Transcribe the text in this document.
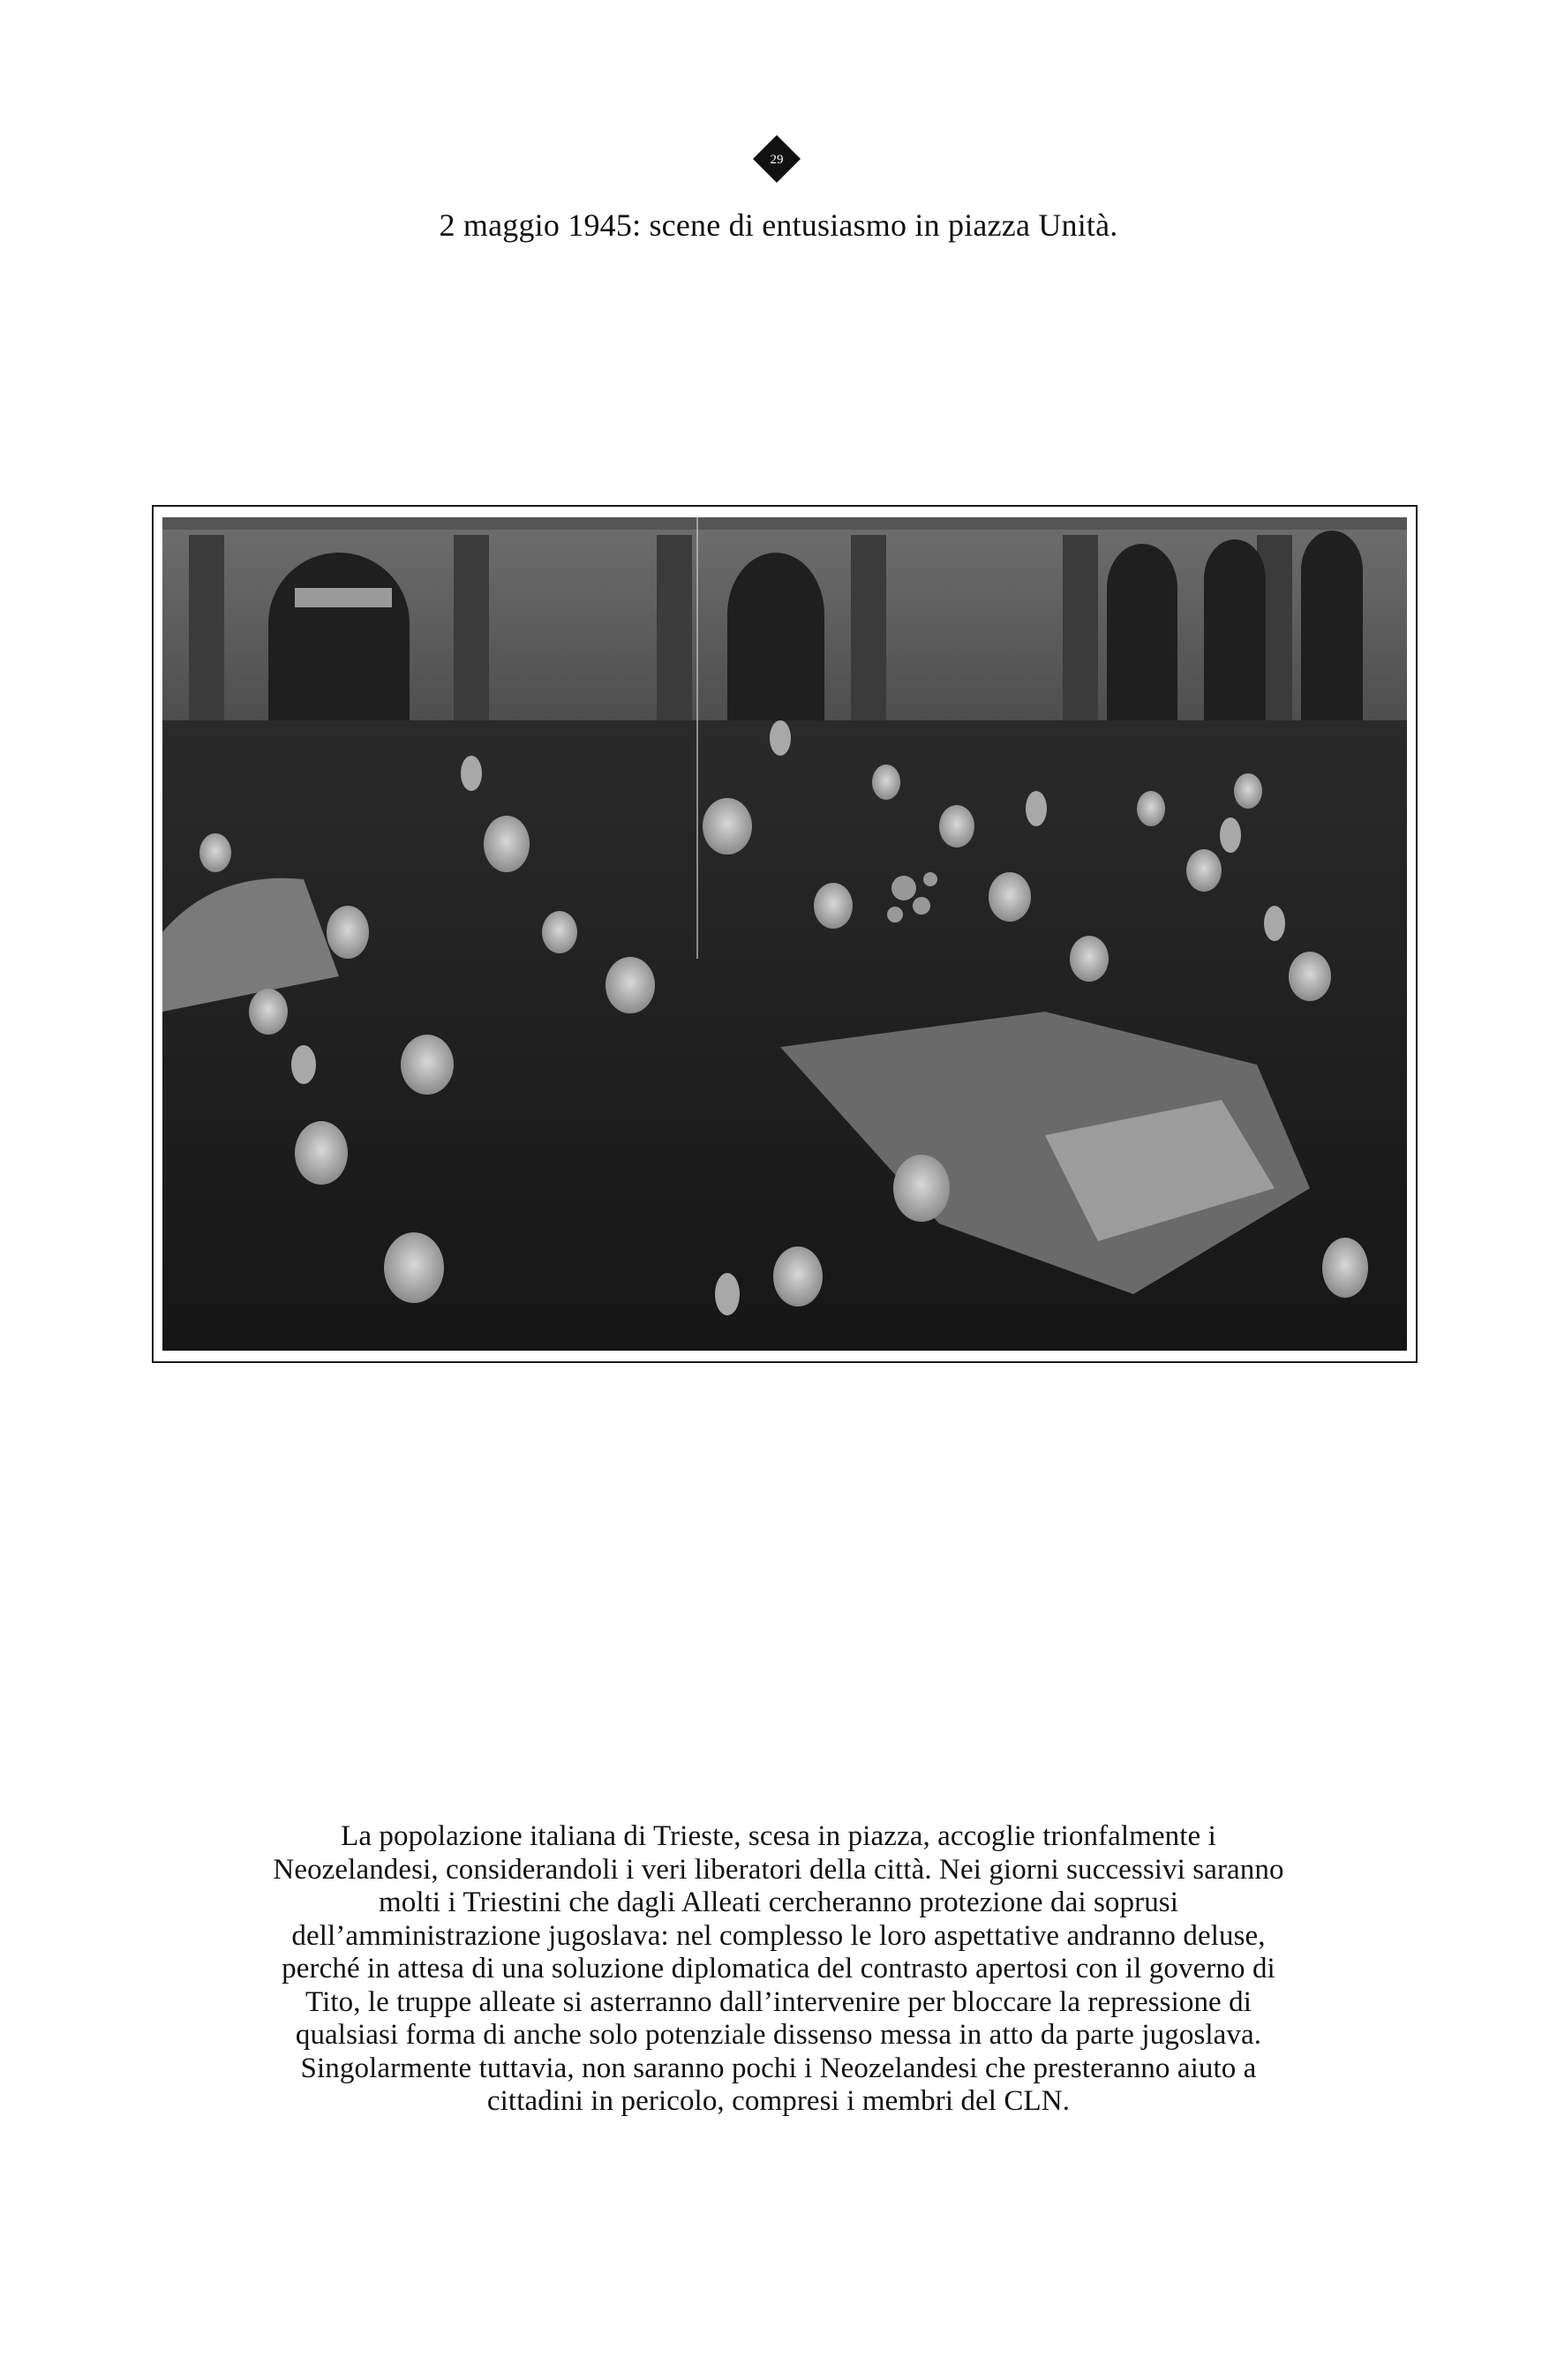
29
2 maggio 1945: scene di entusiasmo in piazza Unità.
La popolazione italiana di Trieste, scesa in piazza, accoglie trionfalmente i
Neozelandesi, considerandoli i veri liberatori della città. Nei giorni successivi saranno
molti i Triestini che dagli Alleati cercheranno protezione dai soprusi
dell’amministrazione jugoslava: nel complesso le loro aspettative andranno deluse,
perché in attesa di una soluzione diplomatica del contrasto apertosi con il governo di
Tito, le truppe alleate si asterranno dall’intervenire per bloccare la repressione di
qualsiasi forma di anche solo potenziale dissenso messa in atto da parte jugoslava.
Singolarmente tuttavia, non saranno pochi i Neozelandesi che presteranno aiuto a
cittadini in pericolo, compresi i membri del CLN.
